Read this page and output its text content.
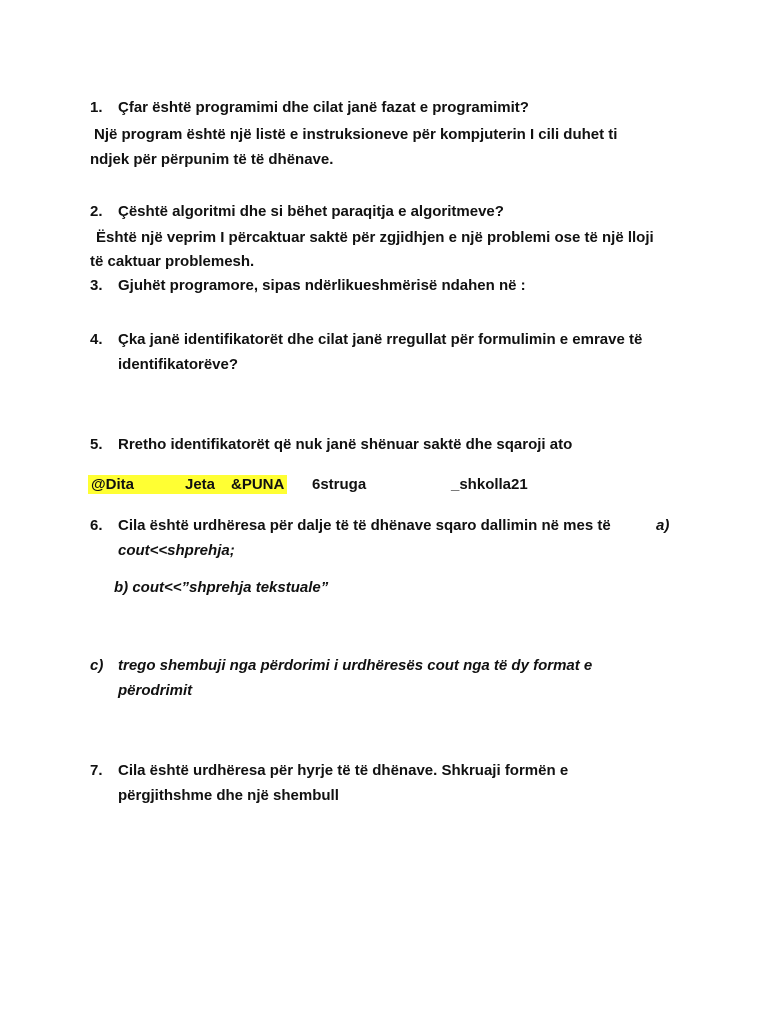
1.	Çfar është programimi dhe cilat janë fazat e programimit?
Një program është një listë e instruksioneve për kompjuterin I cili duhet ti
ndjek për përpunim të të dhënave.
2.	Çështë algoritmi dhe si bëhet paraqitja e algoritmeve?
Është një veprim I përcaktuar saktë për zgjidhjen e një problemi ose të një lloji
të caktuar problemesh.
3.	Gjuhët programore, sipas ndërlikueshmërisë ndahen në :
4.	Çka janë identifikatorët dhe cilat janë rregullat për formulimin e emrave të
identifikatorëve?
5.	Rretho identifikatorët që nuk janë shënuar saktë dhe sqaroji ato
@Dita	Jeta &PUNA 6struga	_shkolla21
6.	Cila është urdhëresa për dalje të të dhënave sqaro dallimin në mes të	a)
cout<<shprehja;
b) cout<<”shprehja tekstuale”
c) trego shembuji nga përdorimi i urdhëresës cout nga të dy format e
përodrimit
7.	Cila është urdhëresa për hyrje të të dhënave. Shkruaji formën e
përgjithshme dhe një shembull
